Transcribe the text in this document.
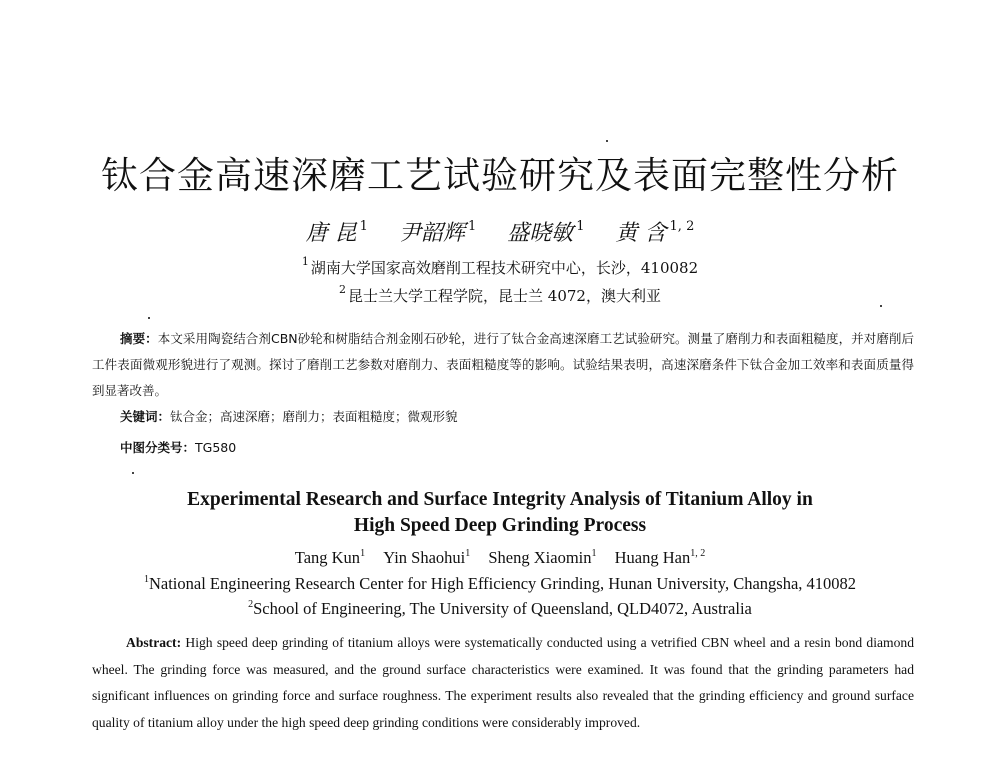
钛合金高速深磨工艺试验研究及表面完整性分析
唐 昆 $^1$ 尹韶辉 $^1$ 盛晓敏 $^1$ 黄 含 $^{1, 2}$
$^1$ 湖南大学国家高效磨削工程技术研究中心，长沙，410082
$^2$ 昆士兰大学工程学院，昆士兰 4072，澳大利亚
摘要：本文采用陶瓷结合剂CBN砂轮和树脂结合剂金刚石砂轮，进行了钛合金高速深磨工艺试验研究。测量了磨削力和表面粗糙度，并对磨削后工件表面微观形貌进行了观测。探讨了磨削工艺参数对磨削力、表面粗糙度等的影响。试验结果表明，高速深磨条件下钛合金加工效率和表面质量得到显著改善。
关键词：钛合金；高速深磨；磨削力；表面粗糙度；微观形貌
中图分类号：TG580
Experimental Research and Surface Integrity Analysis of Titanium Alloy in
High Speed Deep Grinding Process
Tang Kun$^1$ Yin Shaohui$^1$ Sheng Xiaomin$^1$ Huang Han$^{1, 2}$
$^1$National Engineering Research Center for High Efficiency Grinding, Hunan University, Changsha, 410082
$^2$School of Engineering, The University of Queensland, QLD4072, Australia
Abstract: High speed deep grinding of titanium alloys were systematically conducted using a vetrified CBN wheel and a resin bond diamond wheel. The grinding force was measured, and the ground surface characteristics were examined. It was found that the grinding parameters had significant influences on grinding force and surface roughness. The experiment results also revealed that the grinding efficiency and ground surface quality of titanium alloy under the high speed deep grinding conditions were considerably improved.
